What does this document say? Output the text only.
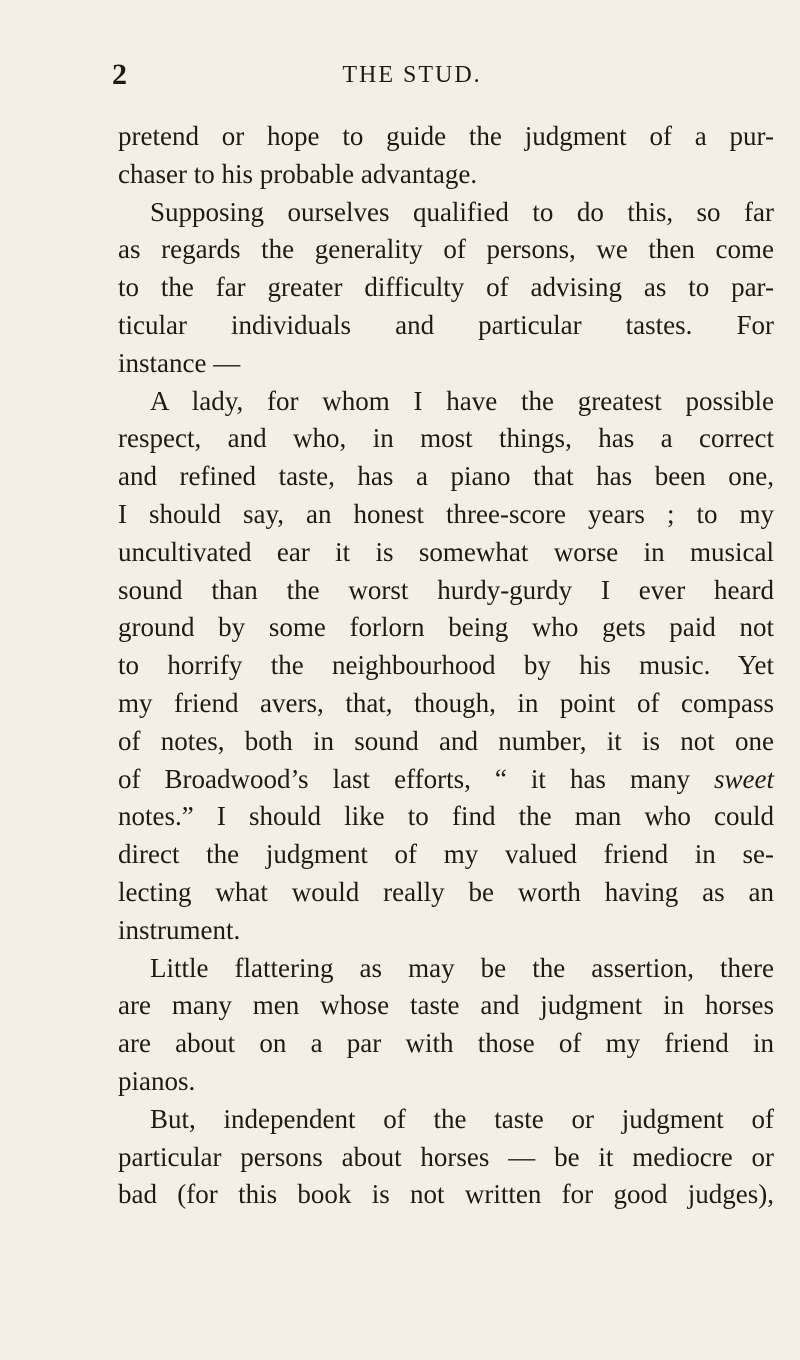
2	THE STUD.
pretend or hope to guide the judgment of a pur-
chaser to his probable advantage.
Supposing ourselves qualified to do this, so far
as regards the generality of persons, we then come
to the far greater difficulty of advising as to par-
ticular individuals and particular tastes. For
instance —
A lady, for whom I have the greatest possible
respect, and who, in most things, has a correct
and refined taste, has a piano that has been one,
I should say, an honest three-score years ; to my
uncultivated ear it is somewhat worse in musical
sound than the worst hurdy-gurdy I ever heard
ground by some forlorn being who gets paid not
to horrify the neighbourhood by his music. Yet
my friend avers, that, though, in point of compass
of notes, both in sound and number, it is not one
of Broadwood’s last efforts, “ it has many sweet
notes.” I should like to find the man who could
direct the judgment of my valued friend in se-
lecting what would really be worth having as an
instrument.
Little flattering as may be the assertion, there
are many men whose taste and judgment in horses
are about on a par with those of my friend in
pianos.
But, independent of the taste or judgment of
particular persons about horses — be it mediocre or
bad (for this book is not written for good judges),
